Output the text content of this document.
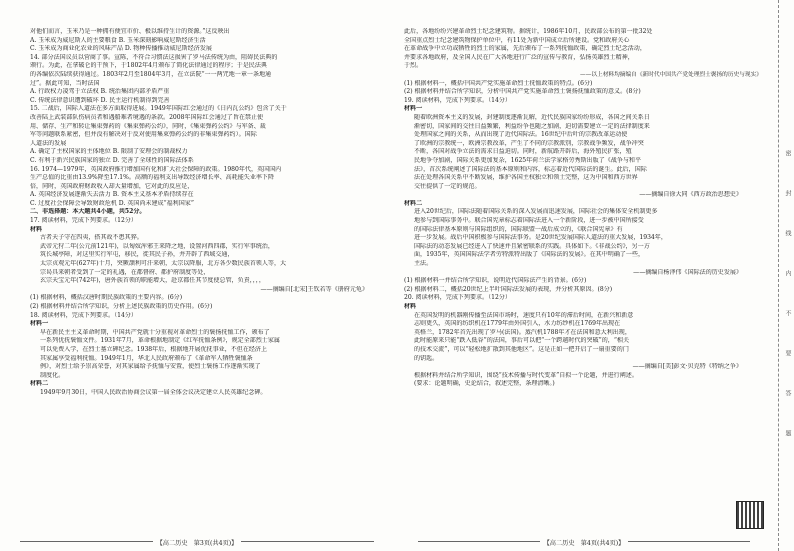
对他们而言，玉米乃是一种拥有便宜市价、极以维持生计的资源。”这反映出
A. 玉米成为威尼斯人的主要粮食 B. 玉米深刻影响威尼斯经济生活
C. 玉米成为商业化农业的风味产品 D. 物种传播推动威尼斯经济发展
14. 部分法国议员以营商了事。宣陈，不符合习惯法这损害了罗马法传统为由，阻碍民法典的
颁行。为此，在拿破仑的干预下，于1802年4月颁布了简化法律通过的程序；于是民法典
的各编依次陆续获得通过。1803年2月至1804年3月，在立法院“一一两咒地一章一条地通
过”。据此可知，当时法国
A. 行政权力凌驾于立法权 B. 统治集团内部矛盾严重
C. 传统法律意识遭到破坏 D. 民主运行机制得到完善
15. 二战后，国际人道法在多方面取得进展。1949年国际红会通过的《日内瓦公约》包含了关于
改善陆上武装部队伤病员者和遇船难者境遇的条款。2008年国际红会通过了旨在禁止使
用、储存、生产和转让集束弹药的《集束弹药公约》，同时，《集束弹药公约》与军备、裁
军等问题联系紧密，但并没有解决对于反对使用集束弹药公约的非集束弹药约）。国际
人道法的发展
A. 确定了主权国家的主体地位 B. 限制了安理会的制裁权力
C. 有利于新兴民族国家的独立 D. 完善了全球性的国际法体系
16. 1974—1979年，英国政府推行增加国有化和扩大社会保障的政策。1980年代，英国国内
生产总值的比重由13.9%降至17.1%。高额的福利支出导致经济增长率、高耗能失业率下降
倍，同时，英国政府财政收入却大量增加，它对此的反应是，
A. 英国经济发展逐渐失去活力 B. 资本主义基本矛盾持续存在
C. 过度社会保障会导致财政危机 D. 英国尚未建成“福利国家”
二、非选择题：本大题共4小题，共52分。
17. 阅读材料，完成下列要求。（12分）
材料
古者天子守在四夷，搭其故不患其猝。
武帝元狩二年(公元前121年)，以匈奴浑邪王来降之地，设置河西四郡，实行军事统治，
筑长城亭障，对这里实行军屯，移民，徙其民子孙，并开辟了西域交通，
太宗贞观元年(627年)十月，突厥颉利可汗来朝，太宗以降服，北方各少数民族首领人等，大
宗曷具来朝者受到了一定的礼遇，在都督府、都护府制度等处，
玄宗天宝元年(742年)，唐外族首领的职能增大，赴京都任其节度使总管，负責，，，，
——摘编自[北宋]王钦若等《册府元龟》
(1) 根据材料，概括汉唐时期民族政策的主要内容。(6分)
(2) 根据材料并结合所学知识，分析上述民族政策的历史作用。(6分)
18. 阅读材料，完成下列要求。（14分）
材料一
早在新民主主义革命时期，中国共产党就十分重视对革命烈士的褒扬抚恤工作，颁布了
一系列优抚褒恤文件。1931年7月，革命根据地制定《红军抚恤条例》，规定全部烈士家属
可以免费入学，在烈士墓立碑纪念。1938年后，根据地开展优抚事业，不但在经济上
其家属享受福利抚恤。1949年1月，华北人民政府颁布了《革命军人牺牲褒恤条
例》，对烈士给予崇高荣誉，对其家属给予抚恤与安置，使烈士褒扬工作逐渐实现了
制度化。
材料二
1949年9月30日，中国人民政治协商会议第一届全体会议决定建立人民英雄纪念碑。
【高二历史　第3页(共4页)】
此后，各地纷纷兴建革命烈士纪念建筑物。据统计，1986年10月，民政部公布的第一批32处
全国重点烈士纪念建筑物保护单位中，有11处为新中国成立后所建设。党和政府关心
在革命战争中立功或牺牲的烈士的家属，先后颁布了一系列抚恤政策，确定烈士纪念活动，
并要求各地政府，及全国人民在广大各地进行广泛的宣传与教育，弘扬英雄烈士精神，
于烈。
——以上材料均摘编自《新时代中国共产党处理烈士褒扬的历史与现实》
(1) 根据材料一，概括中国共产党实施革命烈士抚恤政策的特点。(6分)
(2) 根据材料并结合所学知识，分析中国共产党实施革命烈士褒扬抚恤政策的意义。(8分)
19. 阅读材料，完成下列要求。（14分）
材料一
随着欧洲资本主义的发展，封建制度逐渐瓦解，近代民族国家纷纷形成，各国之间关系日
渐密切，国家间的交往日益频繁，利益纷争也随之加剧，迫切需要建立一定的法律制度来
处理国家之间的关系，从而出现了近代国际法。16世纪中后叶的宗教改革运动使
了欧洲的宗教统一，欧洲宗教改革，产生了不同的宗教派别，宗教战争频发，战争冲突
不断，各国对战争立法的需求日益迫切。同时，新航路开辟后，海外殖民扩张，殖
民地争夺加剧，国际关系更加复杂，1625年荷兰法学家格劳秀斯出版了《战争与和平
法》，首次系统阐述了国际法的基本原则和内容，标志着近代国际法的诞生。此后，国际
法在处理各国关系中不断发展，维护各国主权独立和领土完整，这为中国和西方世界
交往提供了一定的规范。
——摘编自徐大同《西方政治思想史》
材料二
进入20世纪后，国际法随着国际关系的深入发展而迅速发展，国际社会的集体安全机制更多
地参与到国际事务中。联合国宪章标志着国际法进入一个新阶段，进一步被中国所接受
的国际法律基本原则与国际组织的，国际联盟一战后成立的，《联合国宪章》有
进一步发展。战后中国积极参与国际法事务。是20世纪发展国际人道法的重大发展，1934年，
国际法的动态发展已经进入了快速并且紧密联系的实践。具体如下。《非战公约》，另一方
面，1935年，英国国际法学者劳特派特出版了《国际法的发展》。在其中明确了一些，
主法。
——摘编自杨泽伟《国际法的历史发展》
(1) 根据材料一并结合所学知识，说明近代国际法产生的背景。(6分)
(2) 根据材料二，概括20世纪上半叶国际法发展的表现，并分析其原因。(8分)
20. 阅读材料，完成下列要求。（12分）
材料
在英国发明的机器刚传播至法国市场时，速度只有10年的滞后时间，在新兴和新意
志则更久，英国的纺织机在1779年由外国引入，水力纺纱机在1769年出现在
英格兰，1782年首先出现了罗马(法国)。蒸汽机1788年才在法国和意大利出现，
此时能原来只能“跌入低谷”的法国，事后可以把“一个跨越时代的突破”的，“相关
的技术交流”，可以“轻松地扩散到其他地区”。这是正如一把开启了一扇重要的门
的钥匙。
——摘编自[美]彭文·贝克特《特纳之争》
根据材料并结合所学知识，围绕“技术传播与时代变革”自拟一个论题，并进行阐述。
(要求：论题明确，史论结合，叙述完整，条理清晰。)
【高二历史　第4页(共4页)】
密
封
线
内
不
要
答
题
